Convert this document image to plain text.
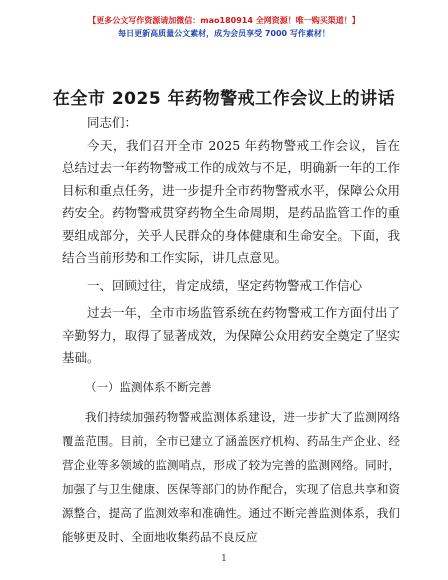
【更多公文写作资源请加微信：mao180914 全网资源！唯一购买渠道！】
每日更新高质量公文素材，成为会员享受 7000 写作素材！
在全市 2025 年药物警戒工作会议上的讲话

同志们：

今天，我们召开全市 2025 年药物警戒工作会议，旨在总结过去一年药物警戒工作的成效与不足，明确新一年的工作目标和重点任务，进一步提升全市药物警戒水平，保障公众用药安全。药物警戒贯穿药物全生命周期，是药品监管工作的重要组成部分，关乎人民群众的身体健康和生命安全。下面，我结合当前形势和工作实际，讲几点意见。

一、回顾过往，肯定成绩，坚定药物警戒工作信心

过去一年，全市市场监管系统在药物警戒工作方面付出了辛勤努力，取得了显著成效，为保障公众用药安全奠定了坚实基础。

（一）监测体系不断完善

我们持续加强药物警戒监测体系建设，进一步扩大了监测网络覆盖范围。目前，全市已建立了涵盖医疗机构、药品生产企业、经营企业等多领域的监测哨点，形成了较为完善的监测网络。同时，加强了与卫生健康、医保等部门的协作配合，实现了信息共享和资源整合，提高了监测效率和准确性。通过不断完善监测体系，我们能够更及时、全面地收集药品不良反应

1
